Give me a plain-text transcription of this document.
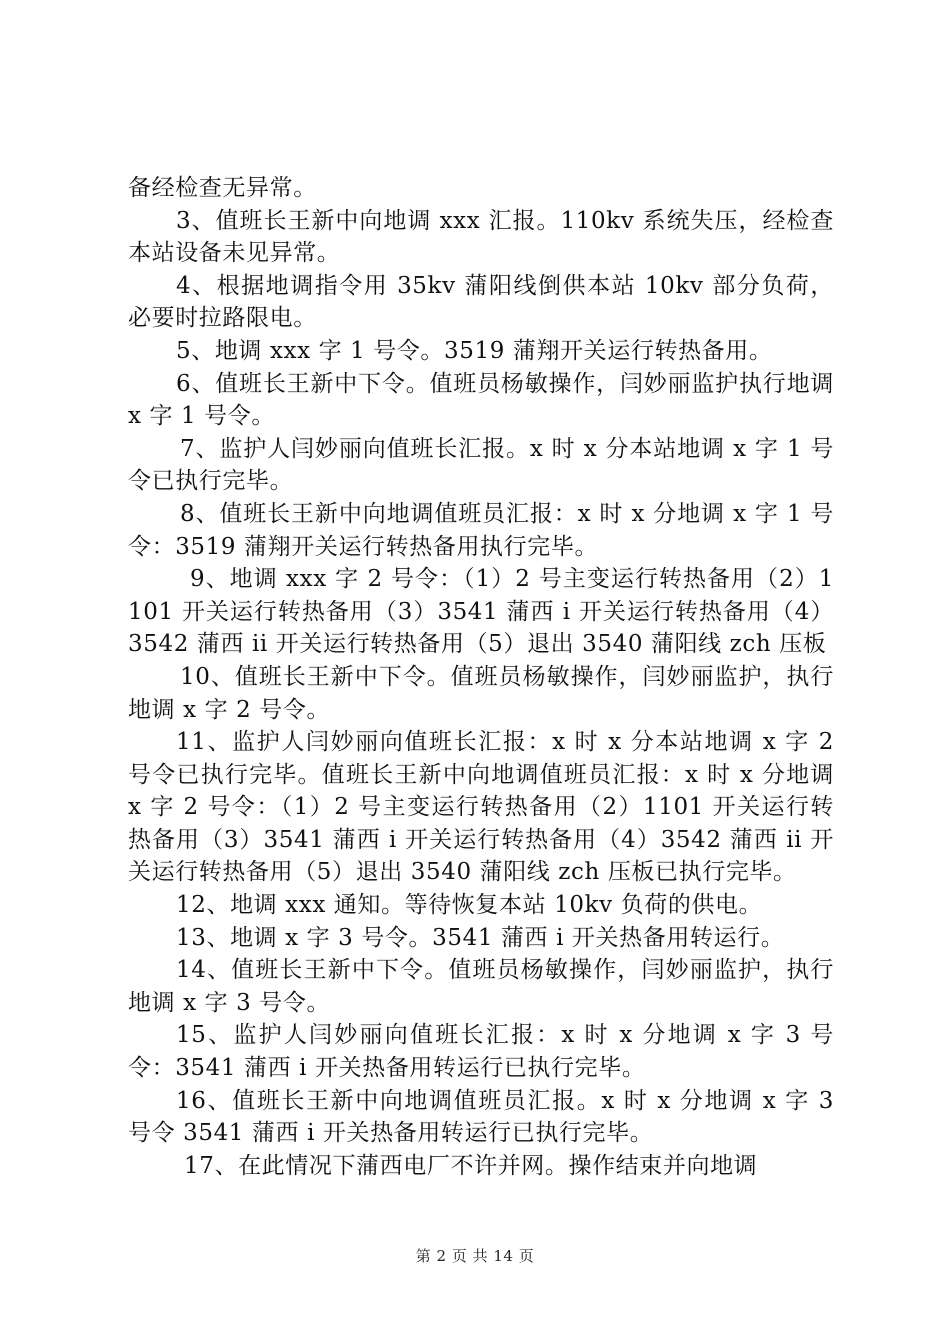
备经检查无异常。

3、值班长王新中向地调 xxx 汇报。110kv 系统失压，经检查本站设备未见异常。

4、根据地调指令用 35kv 蒲阳线倒供本站 10kv 部分负荷，必要时拉路限电。

5、地调 xxx 字 1 号令。3519 蒲翔开关运行转热备用。

6、值班长王新中下令。值班员杨敏操作，闫妙丽监护执行地调 x 字 1 号令。

7、监护人闫妙丽向值班长汇报。x 时 x 分本站地调 x 字 1 号令已执行完毕。

8、值班长王新中向地调值班员汇报：x 时 x 分地调 x 字 1 号令：3519 蒲翔开关运行转热备用执行完毕。

9、地调 xxx 字 2 号令：（1）2 号主变运行转热备用（2）1101 开关运行转热备用（3）3541 蒲西 i 开关运行转热备用（4）3542 蒲西 ii 开关运行转热备用（5）退出 3540 蒲阳线 zch 压板

10、值班长王新中下令。值班员杨敏操作，闫妙丽监护，执行地调 x 字 2 号令。

11、监护人闫妙丽向值班长汇报：x 时 x 分本站地调 x 字 2 号令已执行完毕。值班长王新中向地调值班员汇报：x 时 x 分地调 x 字 2 号令：（1）2 号主变运行转热备用（2）1101 开关运行转热备用（3）3541 蒲西 i 开关运行转热备用（4）3542 蒲西 ii 开关运行转热备用（5）退出 3540 蒲阳线 zch 压板已执行完毕。

12、地调 xxx 通知。等待恢复本站 10kv 负荷的供电。

13、地调 x 字 3 号令。3541 蒲西 i 开关热备用转运行。

14、值班长王新中下令。值班员杨敏操作，闫妙丽监护，执行地调 x 字 3 号令。

15、监护人闫妙丽向值班长汇报：x 时 x 分地调 x 字 3 号令：3541 蒲西 i 开关热备用转运行已执行完毕。

16、值班长王新中向地调值班员汇报。x 时 x 分地调 x 字 3 号令 3541 蒲西 i 开关热备用转运行已执行完毕。

17、在此情况下蒲西电厂不许并网。操作结束并向地调

第 2 页 共 14 页
